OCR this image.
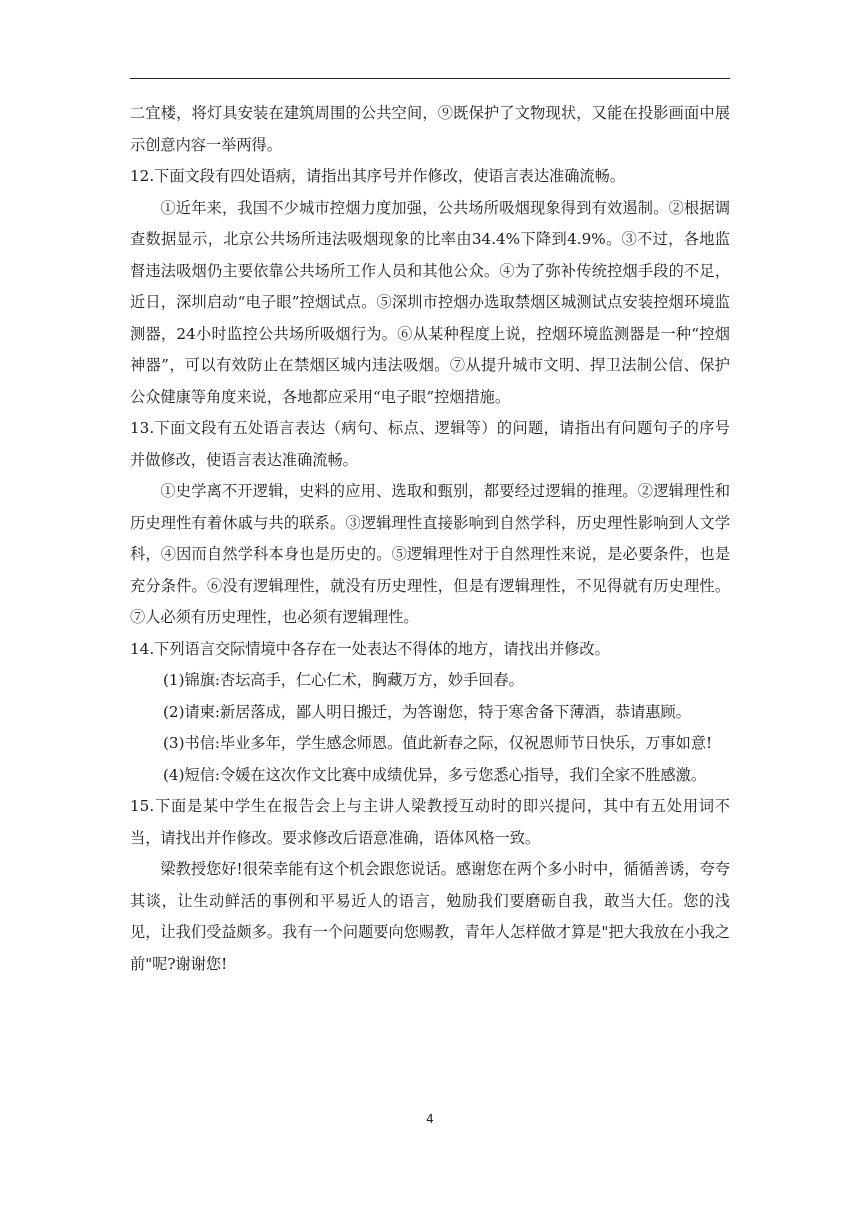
二宜楼，将灯具安装在建筑周围的公共空间，⑨既保护了文物现状，又能在投影画面中展示创意内容一举两得。

12.下面文段有四处语病，请指出其序号并作修改，使语言表达准确流畅。

①近年来，我国不少城市控烟力度加强，公共场所吸烟现象得到有效遏制。②根据调查数据显示，北京公共场所违法吸烟现象的比率由34.4%下降到4.9%。③不过，各地监督违法吸烟仍主要依靠公共场所工作人员和其他公众。④为了弥补传统控烟手段的不足，近日，深圳启动“电子眼”控烟试点。⑤深圳市控烟办选取禁烟区城测试点安装控烟环境监测器，24小时监控公共场所吸烟行为。⑥从某种程度上说，控烟环境监测器是一种“控烟神器”，可以有效防止在禁烟区城内违法吸烟。⑦从提升城市文明、捍卫法制公信、保护公众健康等角度来说，各地都应采用“电子眼”控烟措施。

13.下面文段有五处语言表达（病句、标点、逻辑等）的问题，请指出有问题句子的序号并做修改，使语言表达准确流畅。

①史学离不开逻辑，史料的应用、选取和甄别，都要经过逻辑的推理。②逻辑理性和历史理性有着休戚与共的联系。③逻辑理性直接影响到自然学科，历史理性影响到人文学科，④因而自然学科本身也是历史的。⑤逻辑理性对于自然理性来说，是必要条件，也是充分条件。⑥没有逻辑理性，就没有历史理性，但是有逻辑理性，不见得就有历史理性。⑦人必须有历史理性，也必须有逻辑理性。

14.下列语言交际情境中各存在一处表达不得体的地方，请找出并修改。

(1)锦旗:杏坛高手，仁心仁术，胸藏万方，妙手回春。

(2)请柬:新居落成，鄙人明日搬迁，为答谢您，特于寒舍备下薄酒，恭请惠顾。

(3)书信:毕业多年，学生感念师恩。值此新春之际，仅祝恩师节日快乐，万事如意!

(4)短信:令媛在这次作文比赛中成绩优异，多亏您悉心指导，我们全家不胜感激。

15.下面是某中学生在报告会上与主讲人梁教授互动时的即兴提问，其中有五处用词不当，请找出并作修改。要求修改后语意准确，语体风格一致。

梁教授您好!很荣幸能有这个机会跟您说话。感谢您在两个多小时中，循循善诱，夸夸其谈，让生动鲜活的事例和平易近人的语言，勉励我们要磨砺自我，敢当大任。您的浅见，让我们受益颇多。我有一个问题要向您赐教，青年人怎样做才算是"把大我放在小我之前"呢?谢谢您!

4
